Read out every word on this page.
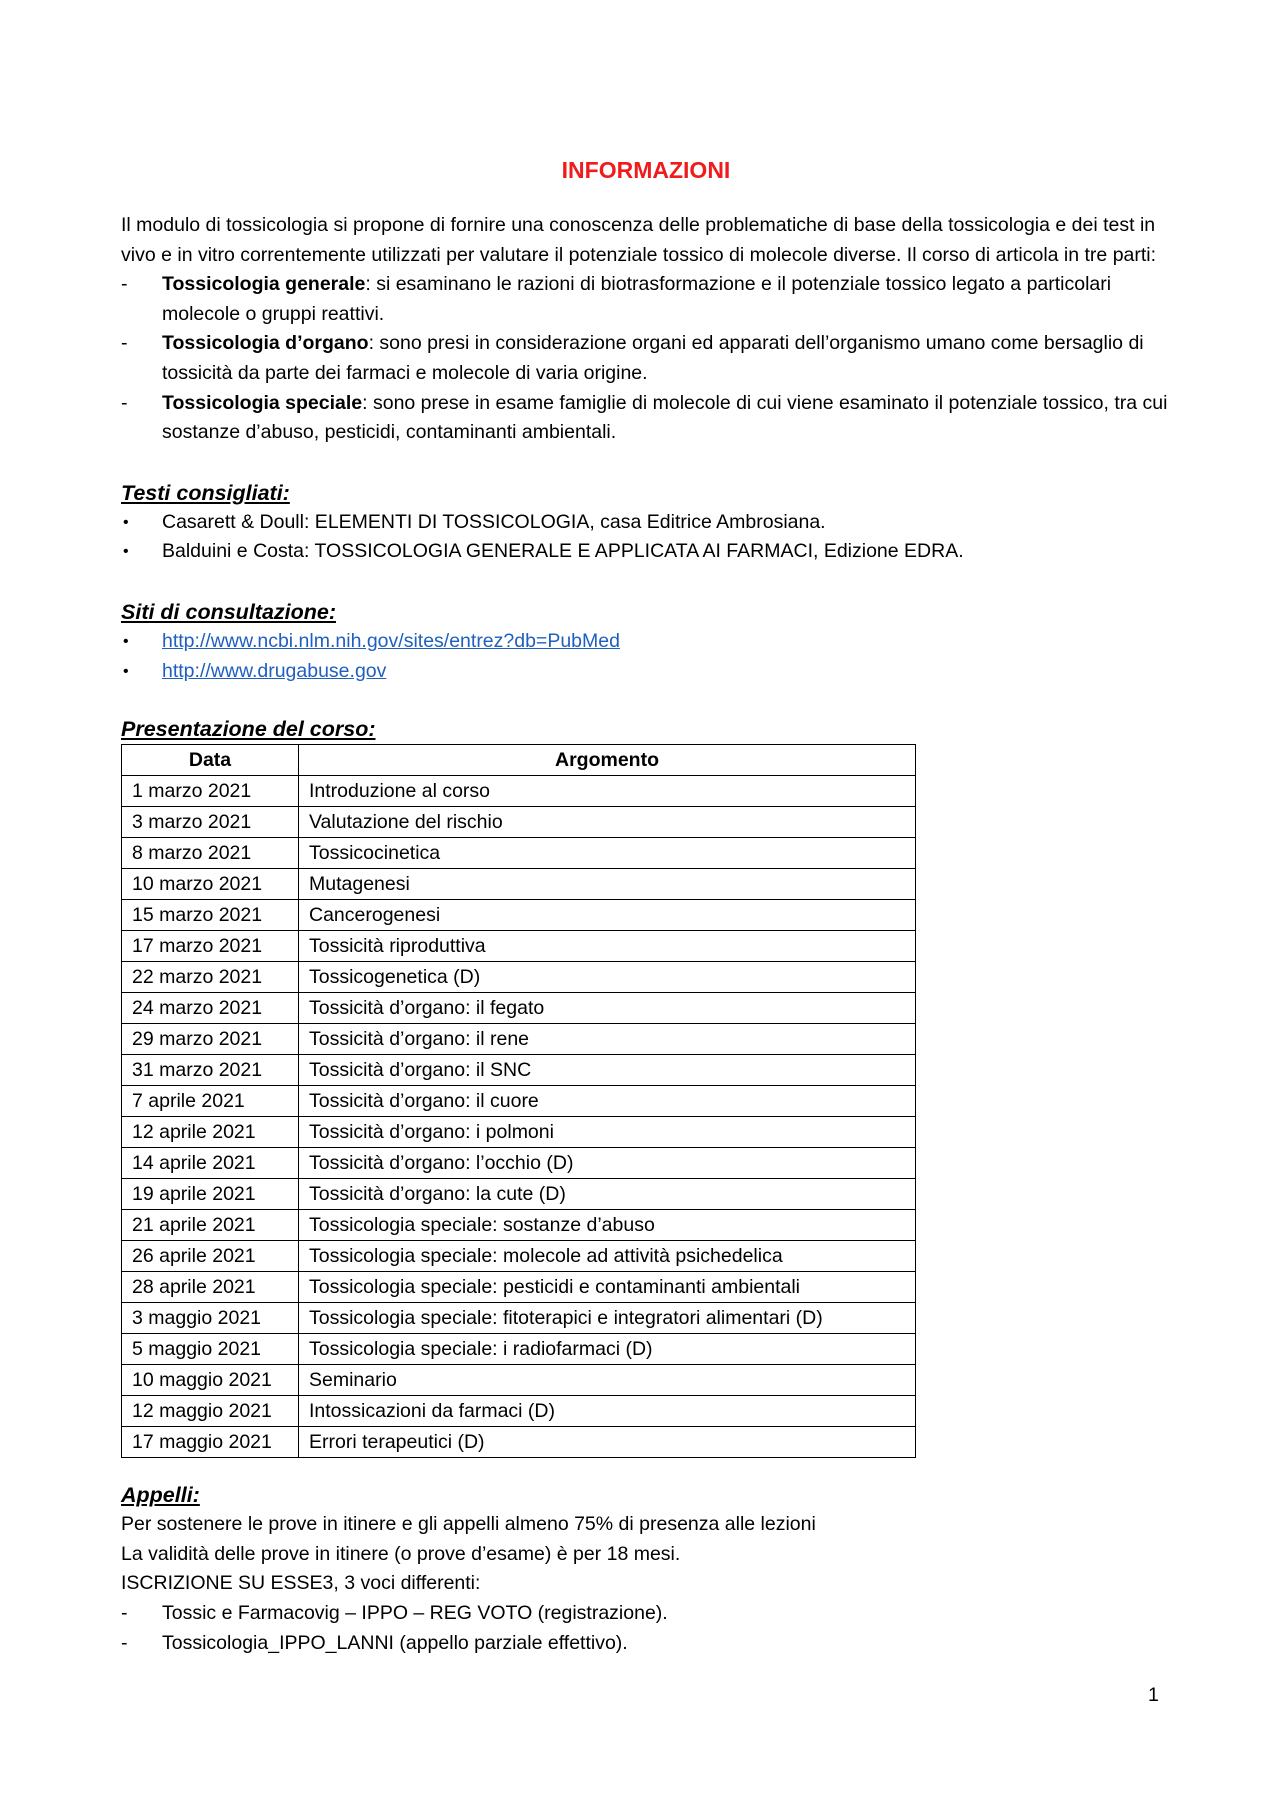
INFORMAZIONI

Il modulo di tossicologia si propone di fornire una conoscenza delle problematiche di base della tossicologia e dei test in vivo e in vitro correntemente utilizzati per valutare il potenziale tossico di molecole diverse. Il corso di articola in tre parti:

- Tossicologia generale: si esaminano le razioni di biotrasformazione e il potenziale tossico legato a particolari molecole o gruppi reattivi.
- Tossicologia d’organo: sono presi in considerazione organi ed apparati dell’organismo umano come bersaglio di tossicità da parte dei farmaci e molecole di varia origine.
- Tossicologia speciale: sono prese in esame famiglie di molecole di cui viene esaminato il potenziale tossico, tra cui sostanze d’abuso, pesticidi, contaminanti ambientali.
Testi consigliati:
• Casarett & Doull: ELEMENTI DI TOSSICOLOGIA, casa Editrice Ambrosiana.
• Balduini e Costa: TOSSICOLOGIA GENERALE E APPLICATA AI FARMACI, Edizione EDRA.
Siti di consultazione:
• http://www.ncbi.nlm.nih.gov/sites/entrez?db=PubMed
• http://www.drugabuse.gov
Presentazione del corso:
Data	Argomento
1 marzo 2021	Introduzione al corso
3 marzo 2021	Valutazione del rischio
8 marzo 2021	Tossicocinetica
10 marzo 2021	Mutagenesi
15 marzo 2021	Cancerogenesi
17 marzo 2021	Tossicità riproduttiva
22 marzo 2021	Tossicogenetica (D)
24 marzo 2021	Tossicità d’organo: il fegato
29 marzo 2021	Tossicità d’organo: il rene
31 marzo 2021	Tossicità d’organo: il SNC
7 aprile 2021	Tossicità d’organo: il cuore
12 aprile 2021	Tossicità d’organo: i polmoni
14 aprile 2021	Tossicità d’organo: l’occhio (D)
19 aprile 2021	Tossicità d’organo: la cute (D)
21 aprile 2021	Tossicologia speciale: sostanze d’abuso
26 aprile 2021	Tossicologia speciale: molecole ad attività psichedelica
28 aprile 2021	Tossicologia speciale: pesticidi e contaminanti ambientali
3 maggio 2021	Tossicologia speciale: fitoterapici e integratori alimentari (D)
5 maggio 2021	Tossicologia speciale: i radiofarmaci (D)
10 maggio 2021	Seminario
12 maggio 2021	Intossicazioni da farmaci (D)
17 maggio 2021	Errori terapeutici (D)
Appelli:

Per sostenere le prove in itinere e gli appelli almeno 75% di presenza alle lezioni

La validità delle prove in itinere (o prove d’esame) è per 18 mesi.

ISCRIZIONE SU ESSE3, 3 voci differenti:

- Tossic e Farmacovig – IPPO – REG VOTO (registrazione).
- Tossicologia_IPPO_LANNI (appello parziale effettivo).
1
